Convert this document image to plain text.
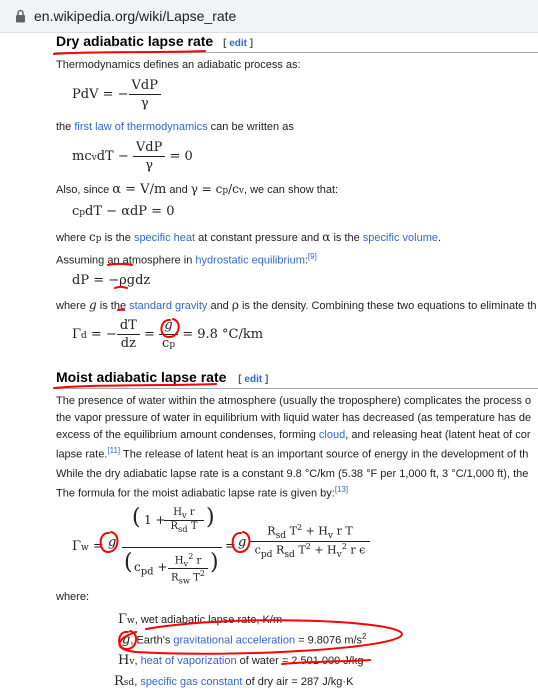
en.wikipedia.org/wiki/Lapse_rate
Dry adiabatic lapse rate [ edit ]
Thermodynamics defines an adiabatic process as:
PdV = − $\frac{\text{VdP}}{\gamma}$
the first law of thermodynamics can be written as
mcvdT − $\frac{\text{VdP}}{\gamma} = 0$
Also, since α = V/m and γ = cp/cv, we can show that:
cpdT − αdP = 0
where cp is the specific heat at constant pressure and α is the specific volume.
Assuming an atmosphere in hydrostatic equilibrium:[9]
dP = −ρgdz
where g is the standard gravity and ρ is the density. Combining these two equations to eliminate th
Γd = − $\frac{dT}{dz} = \frac{g}{cp} = 9.8$ °C/km
Moist adiabatic lapse rate [ edit ]
The presence of water within the atmosphere (usually the troposphere) complicates the process o
the vapor pressure of water in equilibrium with liquid water has decreased (as temperature has de
excess of the equilibrium amount condenses, forming cloud, and releasing heat (latent heat of cor
lapse rate.[11] The release of latent heat is an important source of energy in the development of th
While the dry adiabatic lapse rate is a constant 9.8 °C/km (5.38 °F per 1,000 ft, 3 °C/1,000 ft), the
The formula for the moist adiabatic lapse rate is given by:[13]
Γw = g
( 1 +
$H_v$ r
$R_{sd}$ T )
( $c_{pd} + H_v^2$ r
$R_{sw}$ $T^2$ )
= g
$R_{sd}$ $T^2 + H_v$ r T
$c_{pd}$ $R_{sd}$ $T^2 + H_v^2$ r ϵ
where:
Γw, wet adiabatic lapse rate, K/m
g, Earth's gravitational acceleration = 9.8076 $m/s^2$
Hv, heat of vaporization of water = 2 501 000 J/kg
Rsd, specific gas constant of dry air = 287 J/kg·K
